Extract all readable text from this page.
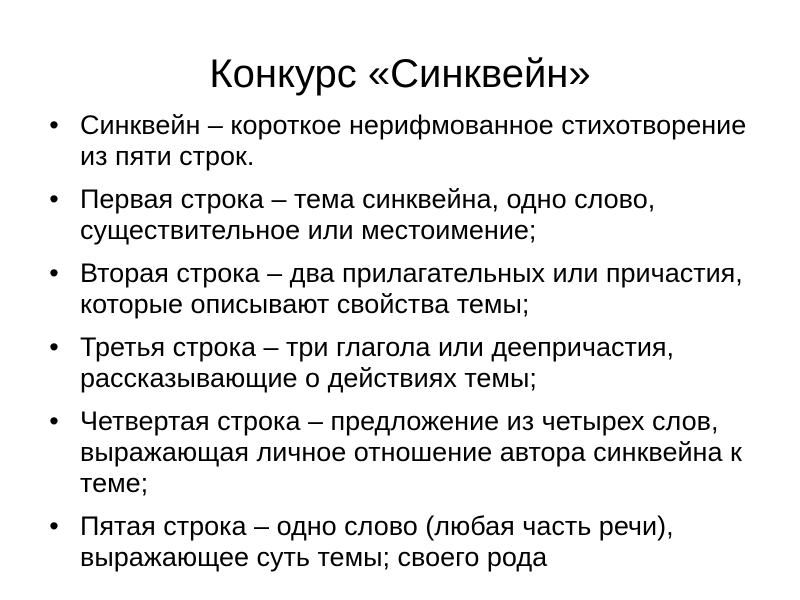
Конкурс «Синквейн»
• Синквейн – короткое нерифмованное стихотворение из пяти строк.
• Первая строка – тема синквейна, одно слово, существительное или местоимение;
• Вторая строка – два прилагательных или причастия, которые описывают свойства темы;
• Третья строка – три глагола или деепричастия, рассказывающие о действиях темы;
• Четвертая строка – предложение из четырех слов, выражающая личное отношение автора синквейна к теме;
• Пятая строка – одно слово (любая часть речи), выражающее суть темы; своего рода
